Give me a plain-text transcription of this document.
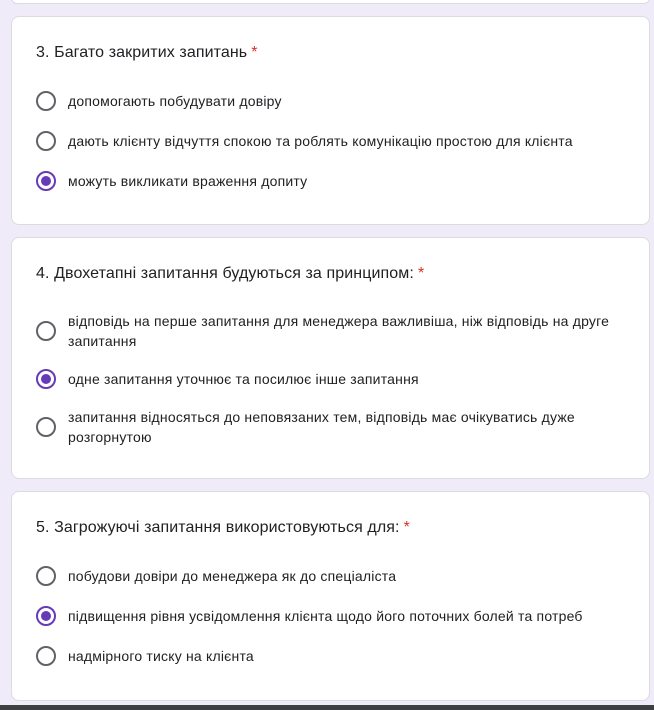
3. Багато закритих запитань *
допомогають побудувати довіру
дають клієнту відчуття спокою та роблять комунікацію простою для клієнта
можуть викликати враження допиту
4. Двохетапні запитання будуються за принципом: *
відповідь на перше запитання для менеджера важливіша, ніж відповідь на друге запитання
одне запитання уточнює та посилює інше запитання
запитання відносяться до неповязаних тем, відповідь має очікуватись дуже розгорнутою
5. Загрожуючі запитання використовуються для: *
побудови довіри до менеджера як до спеціаліста
підвищення рівня усвідомлення клієнта щодо його поточних болей та потреб
надмірного тиску на клієнта
